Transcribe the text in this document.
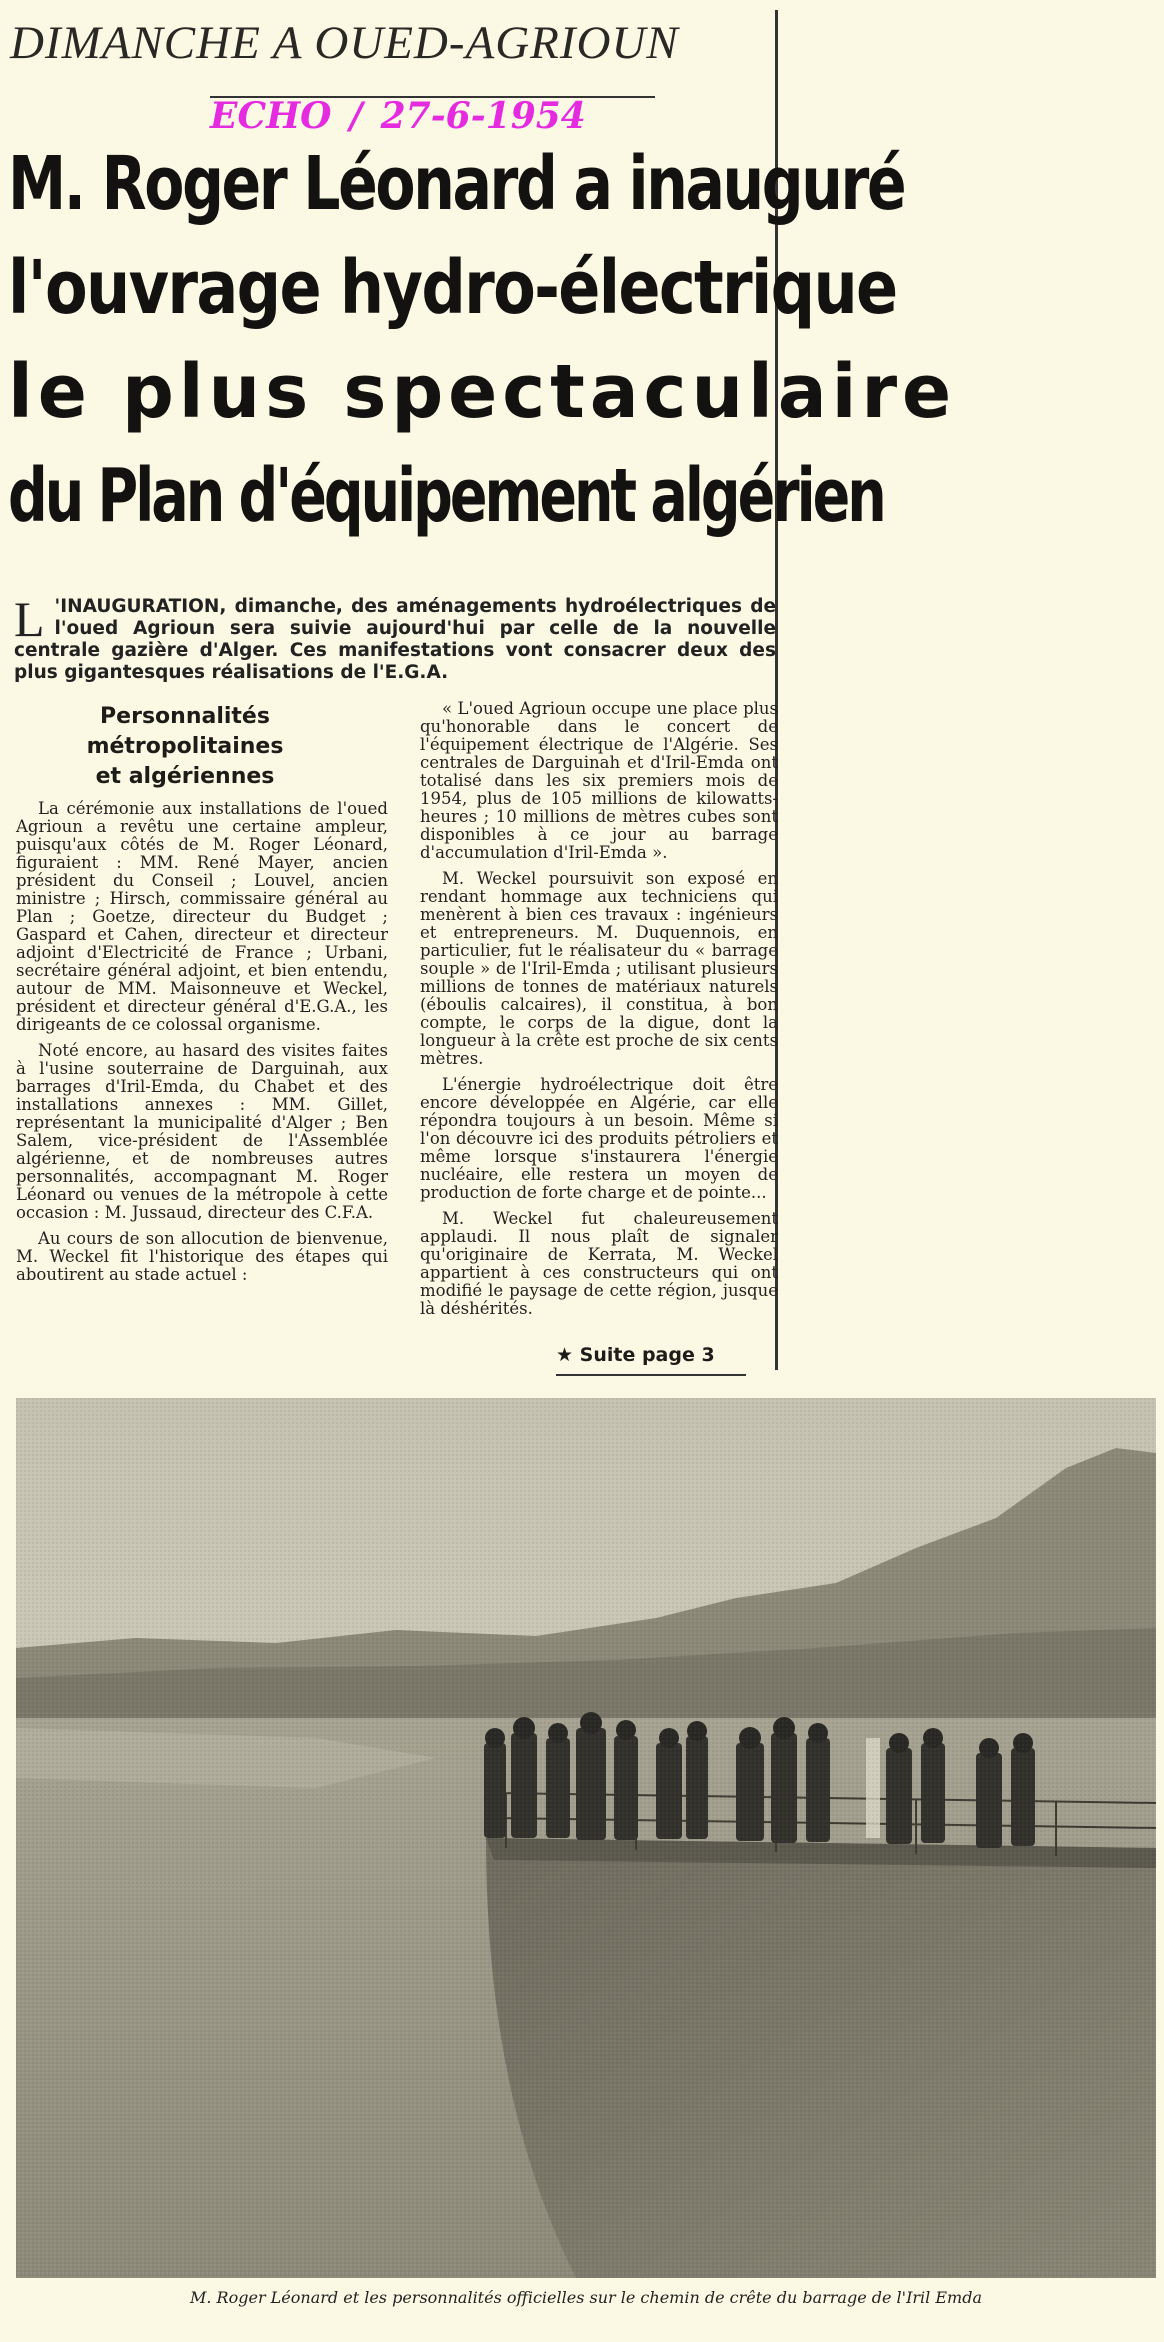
DIMANCHE A OUED-AGRIOUN
ECHO / 27-6-1954
M. Roger Léonard a inauguré
l'ouvrage hydro-électrique
le plus spectaculaire
du Plan d'équipement algérien
L 'INAUGURATION, dimanche, des aménagements hydroélectriques de l'oued Agrioun sera suivie aujourd'hui par celle de la nouvelle centrale gazière d'Alger. Ces manifestations vont consacrer deux des plus gigantesques réalisations de l'E.G.A.
Personnalités
métropolitaines
et algériennes

La cérémonie aux installations de l'oued Agrioun a revêtu une certaine ampleur, puisqu'aux côtés de M. Roger Léonard, figuraient : MM. René Mayer, ancien président du Conseil ; Louvel, ancien ministre ; Hirsch, commissaire général au Plan ; Goetze, directeur du Budget ; Gaspard et Cahen, directeur et directeur adjoint d'Electricité de France ; Urbani, secrétaire général adjoint, et bien entendu, autour de MM. Maisonneuve et Weckel, président et directeur général d'E.G.A., les dirigeants de ce colossal organisme.

Noté encore, au hasard des visites faites à l'usine souterraine de Darguinah, aux barrages d'Iril-Emda, du Chabet et des installations annexes : MM. Gillet, représentant la municipalité d'Alger ; Ben Salem, vice-président de l'Assemblée algérienne, et de nombreuses autres personnalités, accompagnant M. Roger Léonard ou venues de la métropole à cette occasion : M. Jussaud, directeur des C.F.A.

Au cours de son allocution de bienvenue, M. Weckel fit l'historique des étapes qui aboutirent au stade actuel :

« L'oued Agrioun occupe une place plus qu'honorable dans le concert de l'équipement électrique de l'Algérie. Ses centrales de Darguinah et d'Iril-Emda ont totalisé dans les six premiers mois de 1954, plus de 105 millions de kilowatts-heures ; 10 millions de mètres cubes sont disponibles à ce jour au barrage d'accumulation d'Iril-Emda ».

M. Weckel poursuivit son exposé en rendant hommage aux techniciens qui menèrent à bien ces travaux : ingénieurs et entrepreneurs. M. Duquennois, en particulier, fut le réalisateur du « barrage souple » de l'Iril-Emda ; utilisant plusieurs millions de tonnes de matériaux naturels (éboulis calcaires), il constitua, à bon compte, le corps de la digue, dont la longueur à la crête est proche de six cents mètres.

L'énergie hydroélectrique doit être encore développée en Algérie, car elle répondra toujours à un besoin. Même si l'on découvre ici des produits pétroliers et même lorsque s'instaurera l'énergie nucléaire, elle restera un moyen de production de forte charge et de pointe...

M. Weckel fut chaleureusement applaudi. Il nous plaît de signaler qu'originaire de Kerrata, M. Weckel appartient à ces constructeurs qui ont modifié le paysage de cette région, jusque là déshérités.

★ Suite page 3
M. Roger Léonard et les personnalités officielles sur le chemin de crête du barrage de l'Iril Emda
